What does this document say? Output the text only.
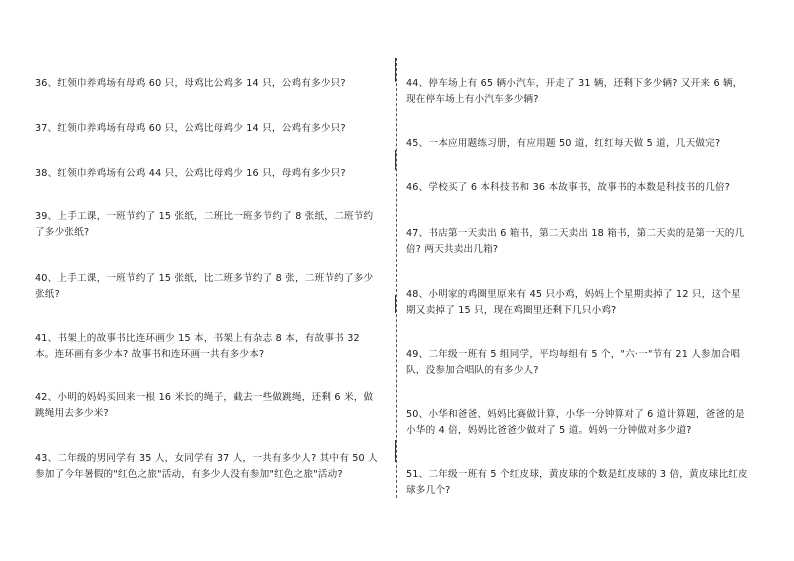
36、红领巾养鸡场有母鸡 60 只，母鸡比公鸡多 14 只，公鸡有多少只?
37、红领巾养鸡场有母鸡 60 只，公鸡比母鸡少 14 只，公鸡有多少只?
38、红领巾养鸡场有公鸡 44 只，公鸡比母鸡少 16 只，母鸡有多少只?
39、上手工课，一班节约了 15 张纸，二班比一班多节约了 8 张纸，二班节约了多少张纸?
40、上手工课，一班节约了 15 张纸，比二班多节约了 8 张，二班节约了多少张纸?
41、书架上的故事书比连环画少 15 本，书架上有杂志 8 本，有故事书 32 本。连环画有多少本? 故事书和连环画一共有多少本?
42、小明的妈妈买回来一根 16 米长的绳子，截去一些做跳绳，还剩 6 米，做跳绳用去多少米?
43、二年级的男同学有 35 人，女同学有 37 人，一共有多少人? 其中有 50 人参加了今年暑假的"红色之旅"活动，有多少人没有参加"红色之旅"活动?
44、停车场上有 65 辆小汽车，开走了 31 辆，还剩下多少辆? 又开来 6 辆，现在停车场上有小汽车多少辆?
45、一本应用题练习册，有应用题 50 道，红红每天做 5 道，几天做完?
46、学校买了 6 本科技书和 36 本故事书，故事书的本数是科技书的几倍?
47、书店第一天卖出 6 箱书，第二天卖出 18 箱书，第二天卖的是第一天的几倍? 两天共卖出几箱?
48、小明家的鸡圈里原来有 45 只小鸡，妈妈上个星期卖掉了 12 只，这个星期又卖掉了 15 只，现在鸡圈里还剩下几只小鸡?
49、二年级一班有 5 组同学，平均每组有 5 个，"六·一"节有 21 人参加合唱队，没参加合唱队的有多少人?
50、小华和爸爸、妈妈比赛做计算，小华一分钟算对了 6 道计算题，爸爸的是小华的 4 倍，妈妈比爸爸少做对了 5 道。妈妈一分钟做对多少道?
51、二年级一班有 5 个红皮球，黄皮球的个数是红皮球的 3 倍，黄皮球比红皮球多几个?
